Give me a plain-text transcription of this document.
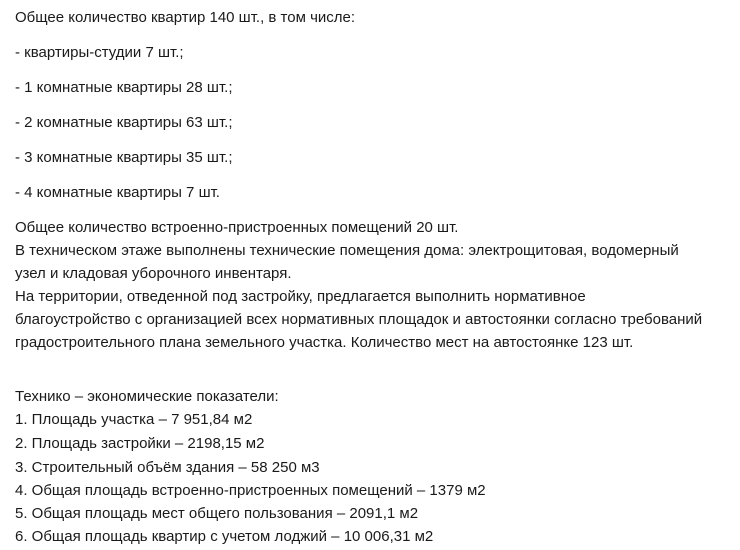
Общее количество квартир 140 шт., в том числе:
- квартиры-студии 7 шт.;
- 1 комнатные квартиры 28 шт.;
- 2 комнатные квартиры 63 шт.;
- 3 комнатные квартиры 35 шт.;
- 4 комнатные квартиры 7 шт.
Общее количество встроенно-пристроенных помещений 20 шт.
В техническом этаже выполнены технические помещения дома: электрощитовая, водомерный
узел и кладовая уборочного инвентаря.
На территории, отведенной под застройку, предлагается выполнить нормативное
благоустройство с организацией всех нормативных площадок и автостоянки согласно требований
градостроительного плана земельного участка. Количество мест на автостоянке 123 шт.
Технико – экономические показатели:
1. Площадь участка – 7 951,84 м2
2. Площадь застройки – 2198,15 м2
3. Строительный объём здания – 58 250 м3
4. Общая площадь встроенно-пристроенных помещений – 1379 м2
5. Общая площадь мест общего пользования – 2091,1 м2
6. Общая площадь квартир с учетом лоджий – 10 006,31 м2
